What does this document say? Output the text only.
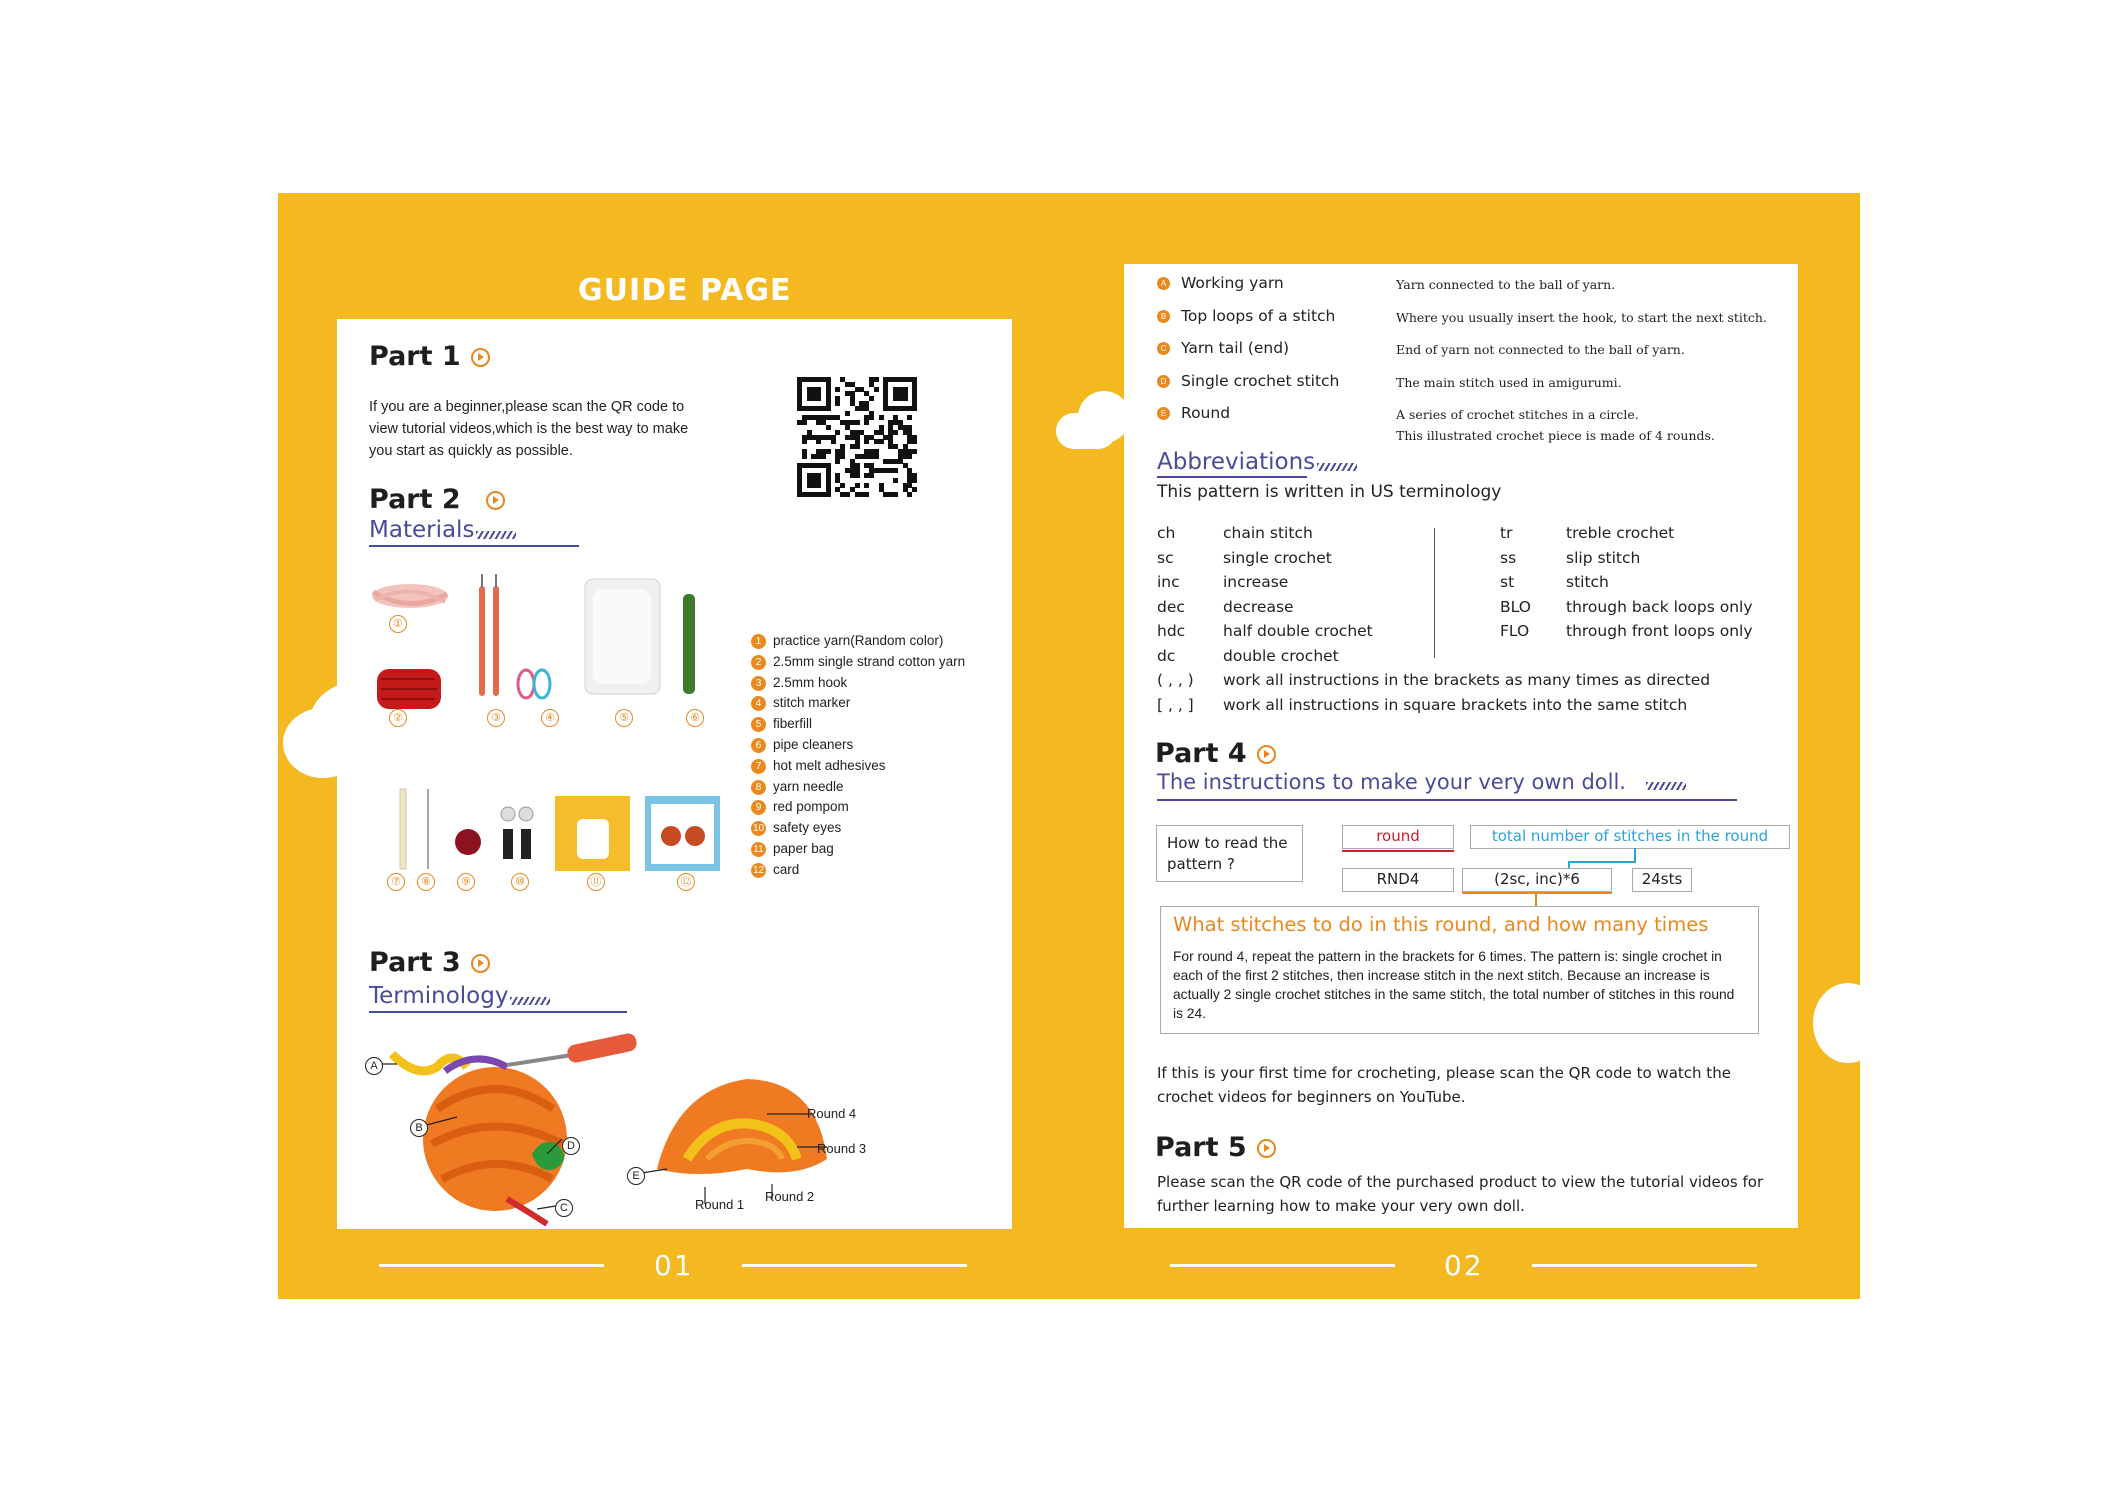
GUIDE PAGE
Part 1
If you are a beginner,please scan the QR code to view tutorial videos,which is the best way to make you start as quickly as possible.
Part 2
Materials
①
②	③	④	⑤	⑥
⑦	⑧	⑨	⑩	⑪	⑫
1 practice yarn(Random color)
2 2.5mm single strand cotton yarn
3 2.5mm hook
4 stitch marker
5 fiberfill
6 pipe cleaners
7 hot melt adhesives
8 yarn needle
9 red pompom
10 safety eyes
11 paper bag
12 card
Part 3
Terminology
A
B
C
D
E
Round 4
Round 3
Round 2
Round 1
A Working yarn	Yarn connected to the ball of yarn.
B Top loops of a stitch	Where you usually insert the hook, to start the next stitch.
C Yarn tail (end)	End of yarn not connected to the ball of yarn.
D Single crochet stitch	The main stitch used in amigurumi.
E Round	A series of crochet stitches in a circle.
This illustrated crochet piece is made of 4 rounds.
Abbreviations
This pattern is written in US terminology
ch	chain stitch
sc	single crochet
inc	increase
dec decrease
hdc half double crochet
dc	double crochet
( , , ) work all instructions in the brackets as many times as directed
[ , , ] work all instructions in square brackets into the same stitch
tr	treble crochet
ss	slip stitch
st	stitch
BLO through back loops only
FLO through front loops only
Part 4
The instructions to make your very own doll.
How to read the pattern ?
round	total number of stitches in the round
RND4	(2sc, inc)*6	24sts
What stitches to do in this round, and how many times
For round 4, repeat the pattern in the brackets for 6 times. The pattern is: single crochet in each of the first 2 stitches, then increase stitch in the next stitch. Because an increase is actually 2 single crochet stitches in the same stitch, the total number of stitches in this round is 24.
If this is your first time for crocheting, please scan the QR code to watch the crochet videos for beginners on YouTube.
Part 5
Please scan the QR code of the purchased product to view the tutorial videos for further learning how to make your very own doll.
01	02
